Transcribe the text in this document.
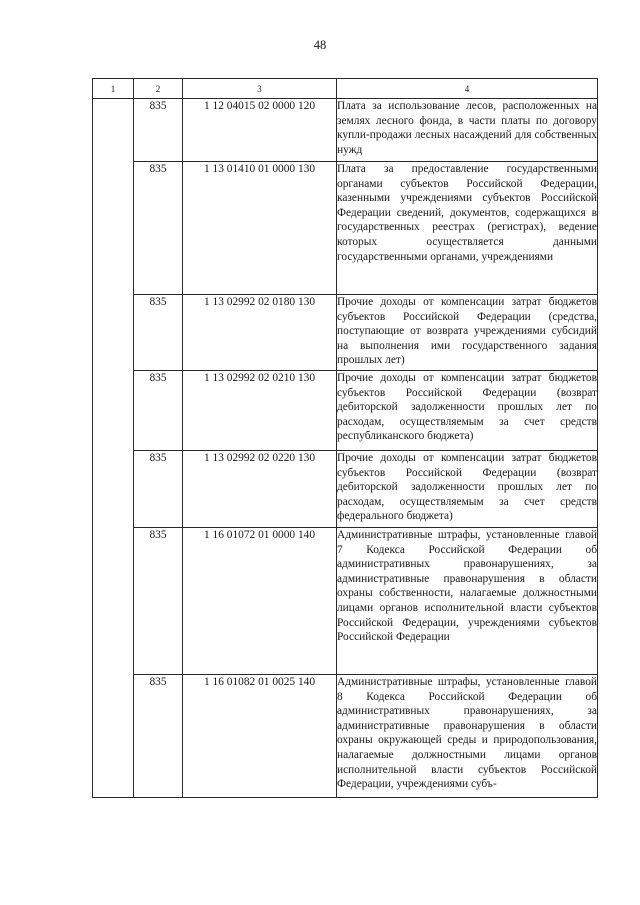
48
1	2	3	4
	835	1 12 04015 02 0000 120	Плата за использование лесов, расположенных на землях лесного фонда, в части платы по договору купли-продажи лесных насаждений для собственных нужд
	835	1 13 01410 01 0000 130	Плата за предоставление государственными органами субъектов Российской Федерации, казенными учреждениями субъектов Российской Федерации сведений, документов, содержащихся в государственных реестрах (регистрах), ведение которых осуществляется данными государственными органами, учреждениями
	835	1 13 02992 02 0180 130	Прочие доходы от компенсации затрат бюджетов субъектов Российской Федерации (средства, поступающие от возврата учреждениями субсидий на выполнения ими государственного задания прошлых лет)
	835	1 13 02992 02 0210 130	Прочие доходы от компенсации затрат бюджетов субъектов Российской Федерации (возврат дебиторской задолженности прошлых лет по расходам, осуществляемым за счет средств республиканского бюджета)
	835	1 13 02992 02 0220 130	Прочие доходы от компенсации затрат бюджетов субъектов Российской Федерации (возврат дебиторской задолженности прошлых лет по расходам, осуществляемым за счет средств федерального бюджета)
	835	1 16 01072 01 0000 140	Административные штрафы, установленные главой 7 Кодекса Российской Федерации об административных правонарушениях, за административные правонарушения в области охраны собственности, налагаемые должностными лицами органов исполнительной власти субъектов Российской Федерации, учреждениями субъектов Российской Федерации
	835	1 16 01082 01 0025 140	Административные штрафы, установленные главой 8 Кодекса Российской Федерации об административных правонарушениях, за административные правонарушения в области охраны окружающей среды и природопользования, налагаемые должностными лицами органов исполнительной власти субъектов Российской Федерации, учреждениями субъ-
